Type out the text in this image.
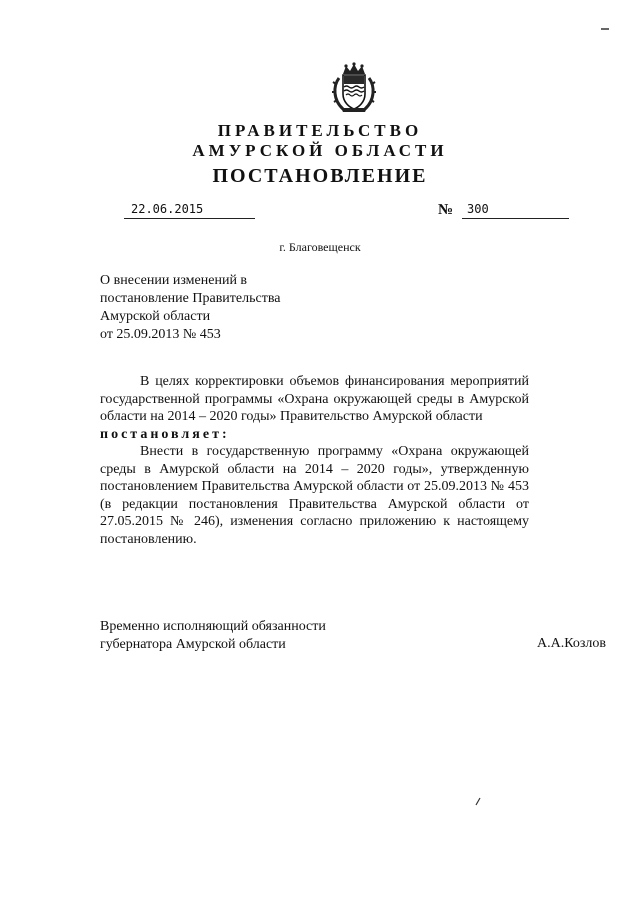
ПРАВИТЕЛЬСТВО
АМУРСКОЙ ОБЛАСТИ
ПОСТАНОВЛЕНИЕ
22.06.2015	№ 300
г. Благовещенск
О внесении изменений в
постановление Правительства
Амурской области
от 25.09.2013 № 453

В целях корректировки объемов финансирования мероприятий государственной программы «Охрана окружающей среды в Амурской области на 2014 – 2020 годы» Правительство Амурской области

постановляет:

Внести в государственную программу «Охрана окружающей среды в Амурской области на 2014 – 2020 годы», утвержденную постановлением Правительства Амурской области от 25.09.2013 № 453 (в редакции постановления Правительства Амурской области от 27.05.2015 № 246), изменения согласно приложению к настоящему постановлению.

Временно исполняющий обязанности
губернатора Амурской области	А.А.Козлов
